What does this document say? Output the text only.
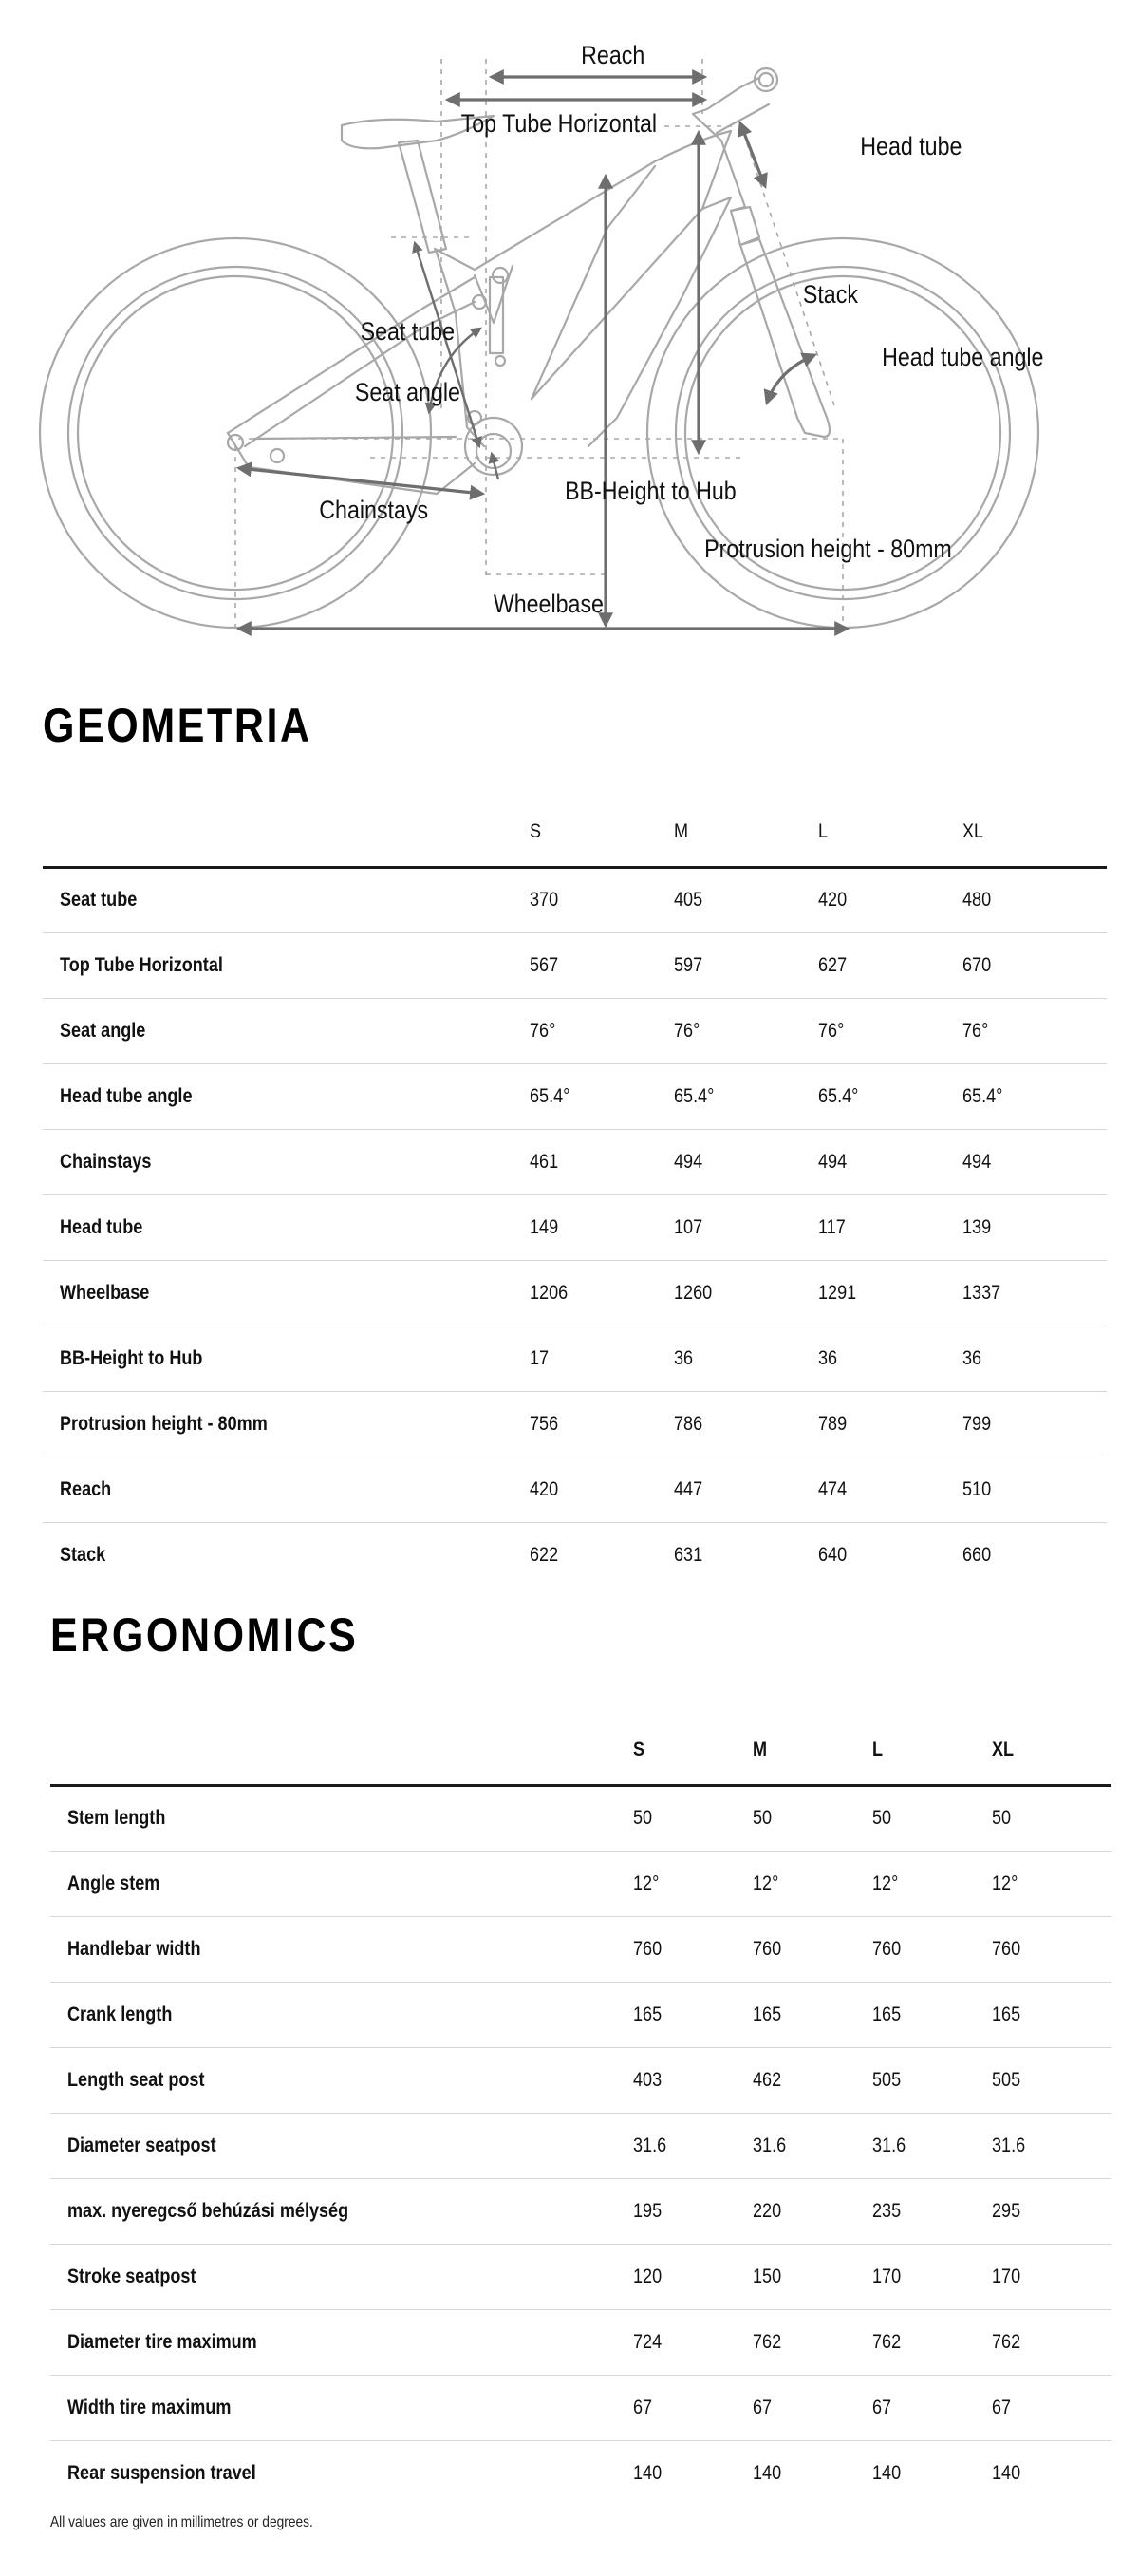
Reach
Top Tube Horizontal
Head tube
Stack
Seat tube
Head tube angle
Seat angle
BB-Height to Hub
Chainstays
Protrusion height - 80mm
Wheelbase
GEOMETRIA
	S	M	L	XL
Seat tube	370	405	420	480
Top Tube Horizontal	567	597	627	670
Seat angle	76°	76°	76°	76°
Head tube angle	65.4°	65.4°	65.4°	65.4°
Chainstays	461	494	494	494
Head tube	149	107	117	139
Wheelbase	1206	1260	1291	1337
BB-Height to Hub	17	36	36	36
Protrusion height - 80mm	756	786	789	799
Reach	420	447	474	510
Stack	622	631	640	660
ERGONOMICS
	S	M	L	XL
Stem length	50	50	50	50
Angle stem	12°	12°	12°	12°
Handlebar width	760	760	760	760
Crank length	165	165	165	165
Length seat post	403	462	505	505
Diameter seatpost	31.6	31.6	31.6	31.6
max. nyeregcső behúzási mélység	195	220	235	295
Stroke seatpost	120	150	170	170
Diameter tire maximum	724	762	762	762
Width tire maximum	67	67	67	67
Rear suspension travel	140	140	140	140

All values are given in millimetres or degrees.
